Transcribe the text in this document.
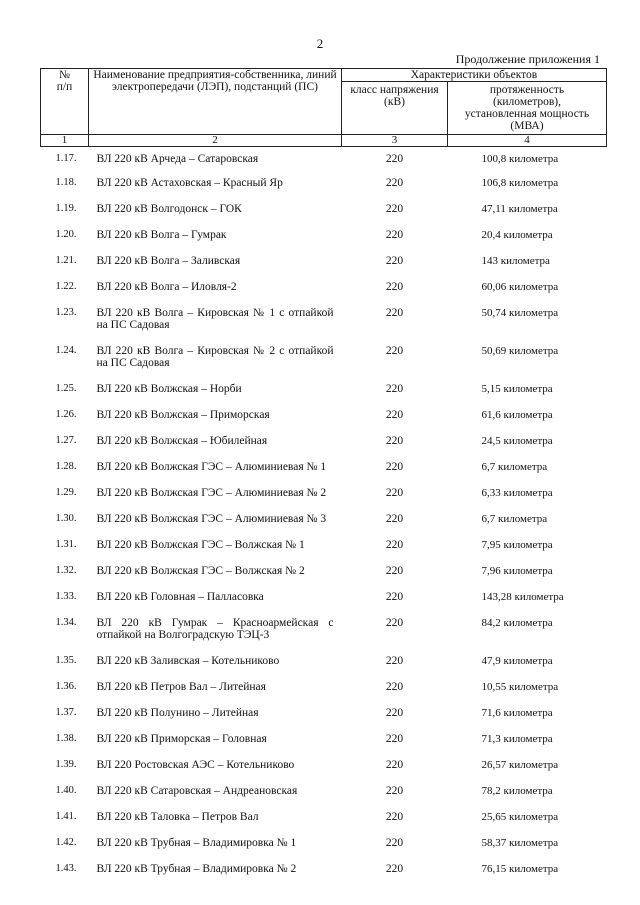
2
Продолжение приложения 1
№
п/п	Наименование предприятия-собственника, линий электропередачи (ЛЭП), подстанций (ПС)	Характеристики объектов	
		класс напряжения (кВ)	протяженность (километров), установленная мощность (МВА)
1	2	3	4
1.17.	ВЛ 220 кВ Арчеда – Сатаровская	220	100,8 километра
1.18.	ВЛ 220 кВ Астаховская – Красный Яр	220	106,8 километра
1.19.	ВЛ 220 кВ Волгодонск – ГОК	220	47,11 километра
1.20.	ВЛ 220 кВ Волга – Гумрак	220	20,4 километра
1.21.	ВЛ 220 кВ Волга – Заливская	220	143 километра
1.22.	ВЛ 220 кВ Волга – Иловля-2	220	60,06 километра
1.23.	ВЛ 220 кВ Волга – Кировская № 1 с отпайкой на ПС Садовая	220	50,74 километра
1.24.	ВЛ 220 кВ Волга – Кировская № 2 с отпайкой на ПС Садовая	220	50,69 километра
1.25.	ВЛ 220 кВ Волжская – Норби	220	5,15 километра
1.26.	ВЛ 220 кВ Волжская – Приморская	220	61,6 километра
1.27.	ВЛ 220 кВ Волжская – Юбилейная	220	24,5 километра
1.28.	ВЛ 220 кВ Волжская ГЭС – Алюминиевая № 1	220	6,7 километра
1.29.	ВЛ 220 кВ Волжская ГЭС – Алюминиевая № 2	220	6,33 километра
1.30.	ВЛ 220 кВ Волжская ГЭС – Алюминиевая № 3	220	6,7 километра
1.31.	ВЛ 220 кВ Волжская ГЭС – Волжская № 1	220	7,95 километра
1.32.	ВЛ 220 кВ Волжская ГЭС – Волжская № 2	220	7,96 километра
1.33.	ВЛ 220 кВ Головная – Палласовка	220	143,28 километра
1.34.	ВЛ 220 кВ Гумрак – Красноармейская с отпайкой на Волгоградскую ТЭЦ-3	220	84,2 километра
1.35.	ВЛ 220 кВ Заливская – Котельниково	220	47,9 километра
1.36.	ВЛ 220 кВ Петров Вал – Литейная	220	10,55 километра
1.37.	ВЛ 220 кВ Полунино – Литейная	220	71,6 километра
1.38.	ВЛ 220 кВ Приморская – Головная	220	71,3 километра
1.39.	ВЛ 220 Ростовская АЭС – Котельниково	220	26,57 километра
1.40.	ВЛ 220 кВ Сатаровская – Андреановская	220	78,2 километра
1.41.	ВЛ 220 кВ Таловка – Петров Вал	220	25,65 километра
1.42.	ВЛ 220 кВ Трубная – Владимировка № 1	220	58,37 километра
1.43.	ВЛ 220 кВ Трубная – Владимировка № 2	220	76,15 километра
